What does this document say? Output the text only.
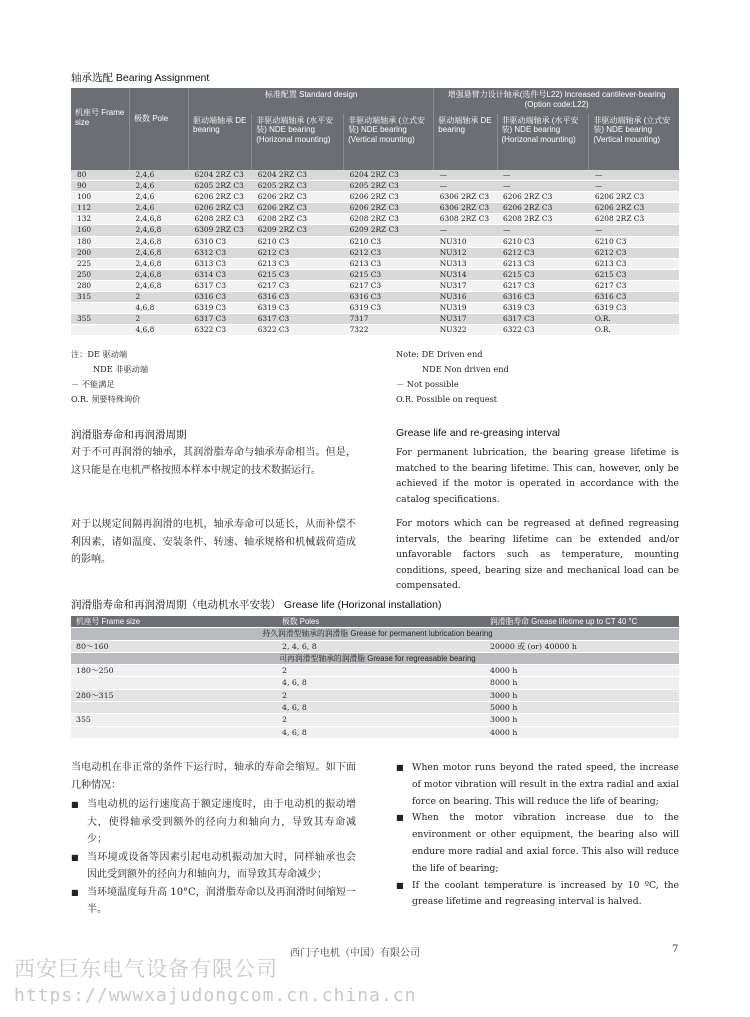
轴承选配 Bearing Assignment
机座号 Frame size	极数 Pole	标准配置 Standard design			增强悬臂力设计轴承(选件号L22) Increased cantilever-bearing (Option code:L22)		
		驱动端轴承 DE bearing	非驱动端轴承 (水平安装) NDE bearing (Horizonal mounting)	非驱动端轴承 (立式安装) NDE bearing (Vertical mounting)	驱动端轴承 DE bearing	非驱动端轴承 (水平安装) NDE bearing (Horizonal mounting)	非驱动端轴承 (立式安装) NDE bearing (Vertical mounting)
80	2,4,6	6204 2RZ C3	6204 2RZ C3	6204 2RZ C3	—	—	—
90	2,4,6	6205 2RZ C3	6205 2RZ C3	6205 2RZ C3	—	—	—
100	2,4,6	6206 2RZ C3	6206 2RZ C3	6206 2RZ C3	6306 2RZ C3	6206 2RZ C3	6206 2RZ C3
112	2,4,6	6206 2RZ C3	6206 2RZ C3	6206 2RZ C3	6306 2RZ C3	6206 2RZ C3	6206 2RZ C3
132	2,4,6,8	6208 2RZ C3	6208 2RZ C3	6208 2RZ C3	6308 2RZ C3	6208 2RZ C3	6208 2RZ C3
160	2,4,6,8	6309 2RZ C3	6209 2RZ C3	6209 2RZ C3	—	—	—
180	2,4,6,8	6310 C3	6210 C3	6210 C3	NU310	6210 C3	6210 C3
200	2,4,6,8	6312 C3	6212 C3	6212 C3	NU312	6212 C3	6212 C3
225	2,4,6,8	6313 C3	6213 C3	6213 C3	NU313	6213 C3	6213 C3
250	2,4,6,8	6314 C3	6215 C3	6215 C3	NU314	6215 C3	6215 C3
280	2,4,6,8	6317 C3	6217 C3	6217 C3	NU317	6217 C3	6217 C3
315	2	6316 C3	6316 C3	6316 C3	NU316	6316 C3	6316 C3
	4,6,8	6319 C3	6319 C3	6319 C3	NU319	6319 C3	6319 C3
355	2	6317 C3	6317 C3	7317	NU317	6317 C3	O.R.
	4,6,8	6322 C3	6322 C3	7322	NU322	6322 C3	O.R.
注：DE 驱动端
NDE 非驱动端
－ 不能满足
O.R. 须要特殊询价
Note: DE Driven end
NDE Non driven end
－ Not possible
O.R. Possible on request
润滑脂寿命和再润滑周期	Grease life and re-greasing interval
对于不可再润滑的轴承，其润滑脂寿命与轴承寿命相当。但是，这只能是在电机严格按照本样本中规定的技术数据运行。
对于以规定间隔再润滑的电机，轴承寿命可以延长，从而补偿不利因素，诸如温度、安装条件、转速、轴承规格和机械载荷造成的影响。
For permanent lubrication, the bearing grease lifetime is matched to the bearing lifetime. This can, however, only be achieved if the motor is operated in accordance with the catalog specifications.
For motors which can be regreased at defined regreasing intervals, the bearing lifetime can be extended and/or unfavorable factors such as temperature, mounting conditions, speed, bearing size and mechanical load can be compensated.
润滑脂寿命和再润滑周期（电动机水平安装） Grease life (Horizonal installation)
机座号 Frame size	极数 Poles	润滑脂寿命 Grease lifetime up to CT 40 °C
持久润滑型轴承的润滑脂 Grease for permanent lubrication bearing		
80～160	2, 4, 6, 8	20000 或 (or) 40000 h
可再润滑型轴承的润滑脂 Grease for regreasable bearing		
180～250	2	4000 h
	4, 6, 8	8000 h
280～315	2	3000 h
	4, 6, 8	5000 h
355	2	3000 h
	4, 6, 8	4000 h
当电动机在非正常的条件下运行时，轴承的寿命会缩短。如下面几种情况：
■ 当电动机的运行速度高于额定速度时，由于电动机的振动增大，使得轴承受到额外的径向力和轴向力，导致其寿命减少；
■ 当环境或设备等因素引起电动机振动加大时，同样轴承也会因此受到额外的径向力和轴向力，而导致其寿命减少；
■ 当环境温度每升高 10°C，润滑脂寿命以及再润滑时间缩短一半。
■ When motor runs beyond the rated speed, the increase of motor vibration will result in the extra radial and axial force on bearing. This will reduce the life of bearing;
■ When the motor vibration increase due to the environment or other equipment, the bearing also will endure more radial and axial force. This also will reduce the life of bearing;
■ If the coolant temperature is increased by 10 ºC, the grease lifetime and regreasing interval is halved.
西门子电机（中国）有限公司	7
西安巨东电气设备有限公司
https://wwwxajudongcom.cn.china.cn
